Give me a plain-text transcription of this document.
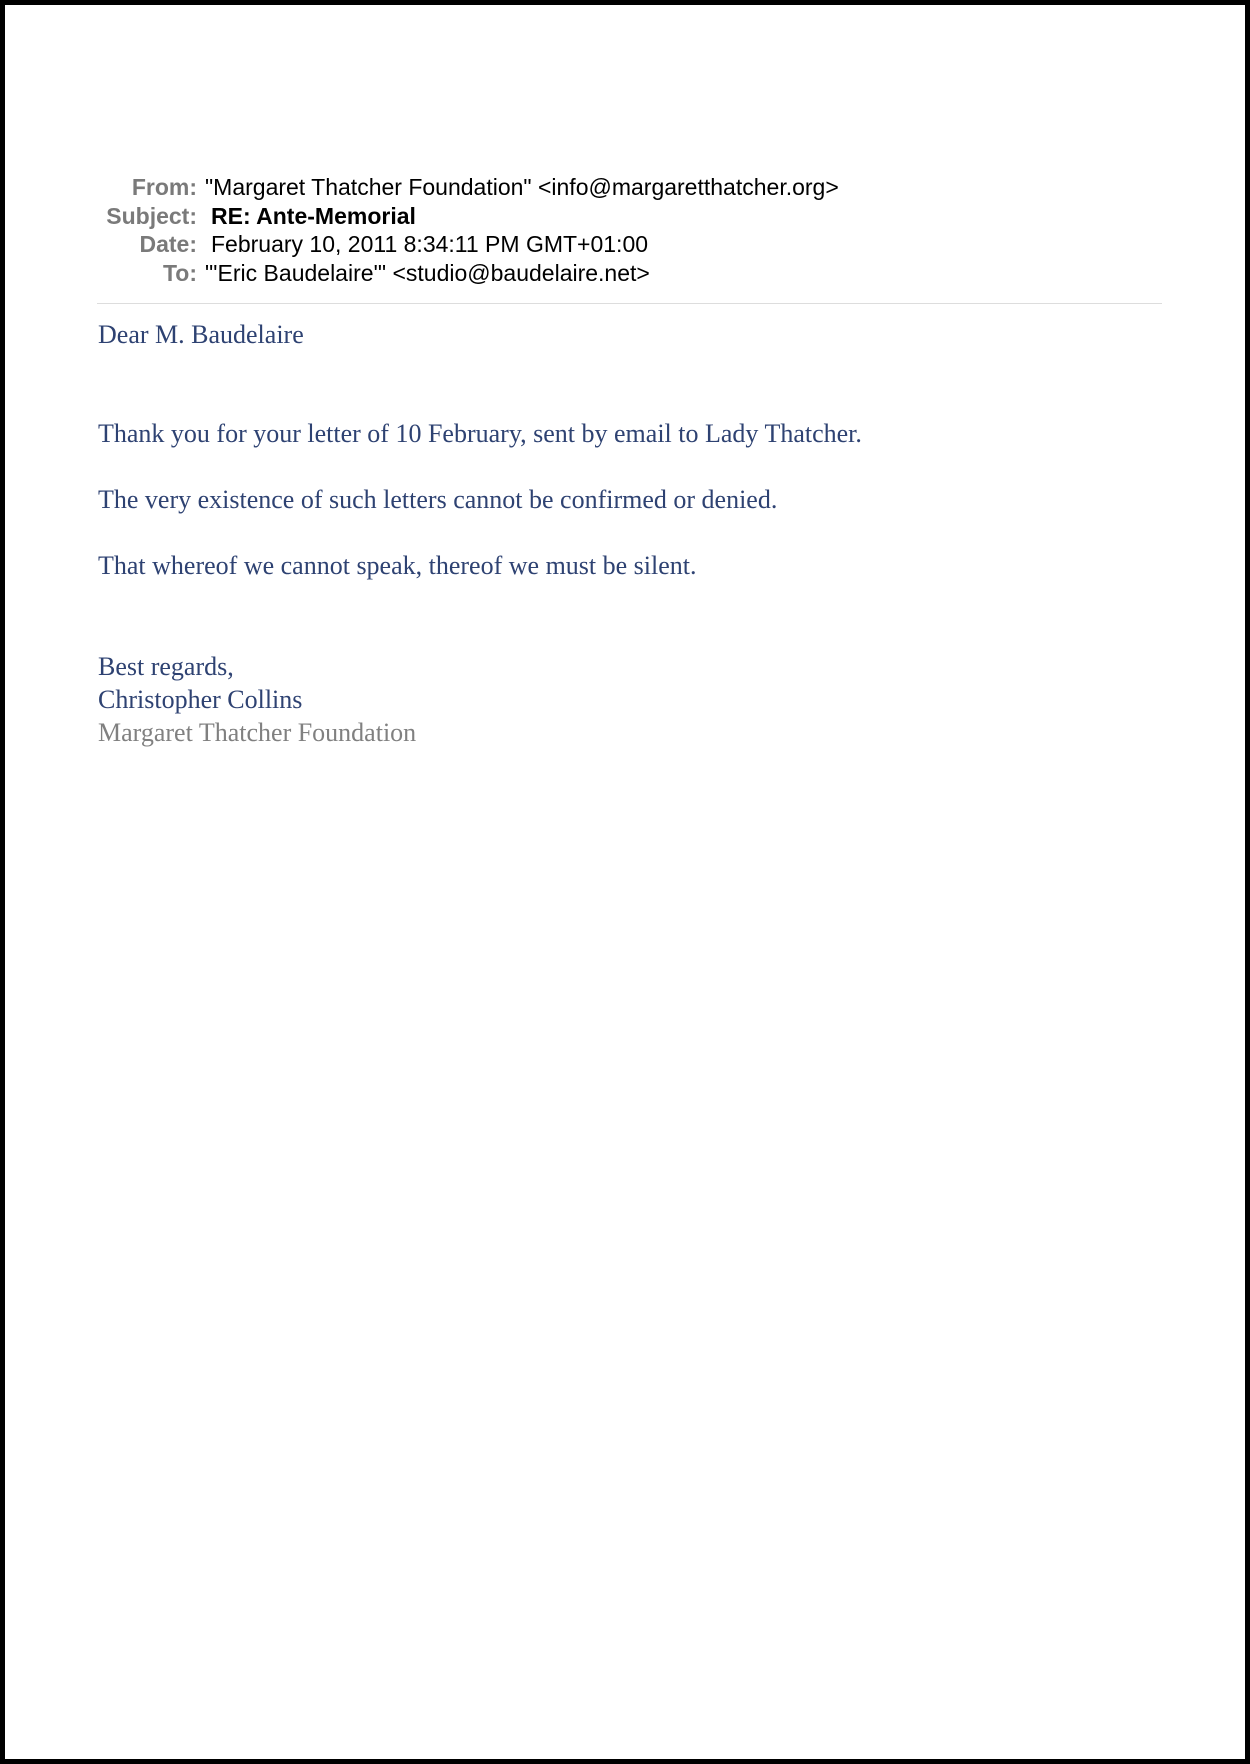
From: "Margaret Thatcher Foundation" <info@margaretthatcher.org>
Subject: RE: Ante-Memorial
Date: February 10, 2011 8:34:11 PM GMT+01:00
To: "'Eric Baudelaire'" <studio@baudelaire.net>

Dear M. Baudelaire

Thank you for your letter of 10 February, sent by email to Lady Thatcher.

The very existence of such letters cannot be confirmed or denied.

That whereof we cannot speak, thereof we must be silent.

Best regards,

Christopher Collins

Margaret Thatcher Foundation
